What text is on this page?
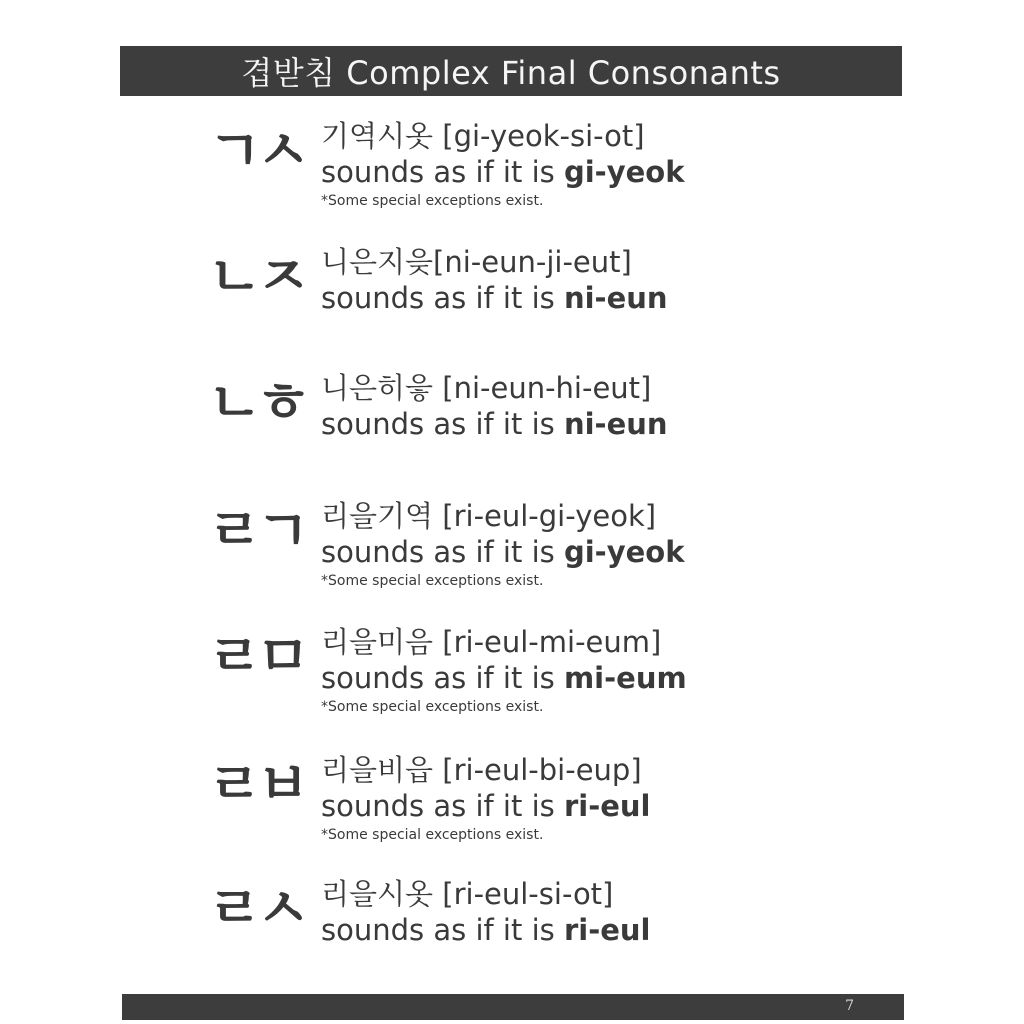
겹받침 Complex Final Consonants
ㄱㅅ 기역시옷 [gi-yeok-si-ot]
sounds as if it is gi-yeok
*Some special exceptions exist.
ㄴㅈ 니은지읒[ni-eun-ji-eut]
sounds as if it is ni-eun
ㄴㅎ 니은히읗 [ni-eun-hi-eut]
sounds as if it is ni-eun
ㄹㄱ 리을기역 [ri-eul-gi-yeok]
sounds as if it is gi-yeok
*Some special exceptions exist.
ㄹㅁ 리을미음 [ri-eul-mi-eum]
sounds as if it is mi-eum
*Some special exceptions exist.
ㄹㅂ 리을비읍 [ri-eul-bi-eup]
sounds as if it is ri-eul
*Some special exceptions exist.
ㄹㅅ 리을시옷 [ri-eul-si-ot]
sounds as if it is ri-eul
7
